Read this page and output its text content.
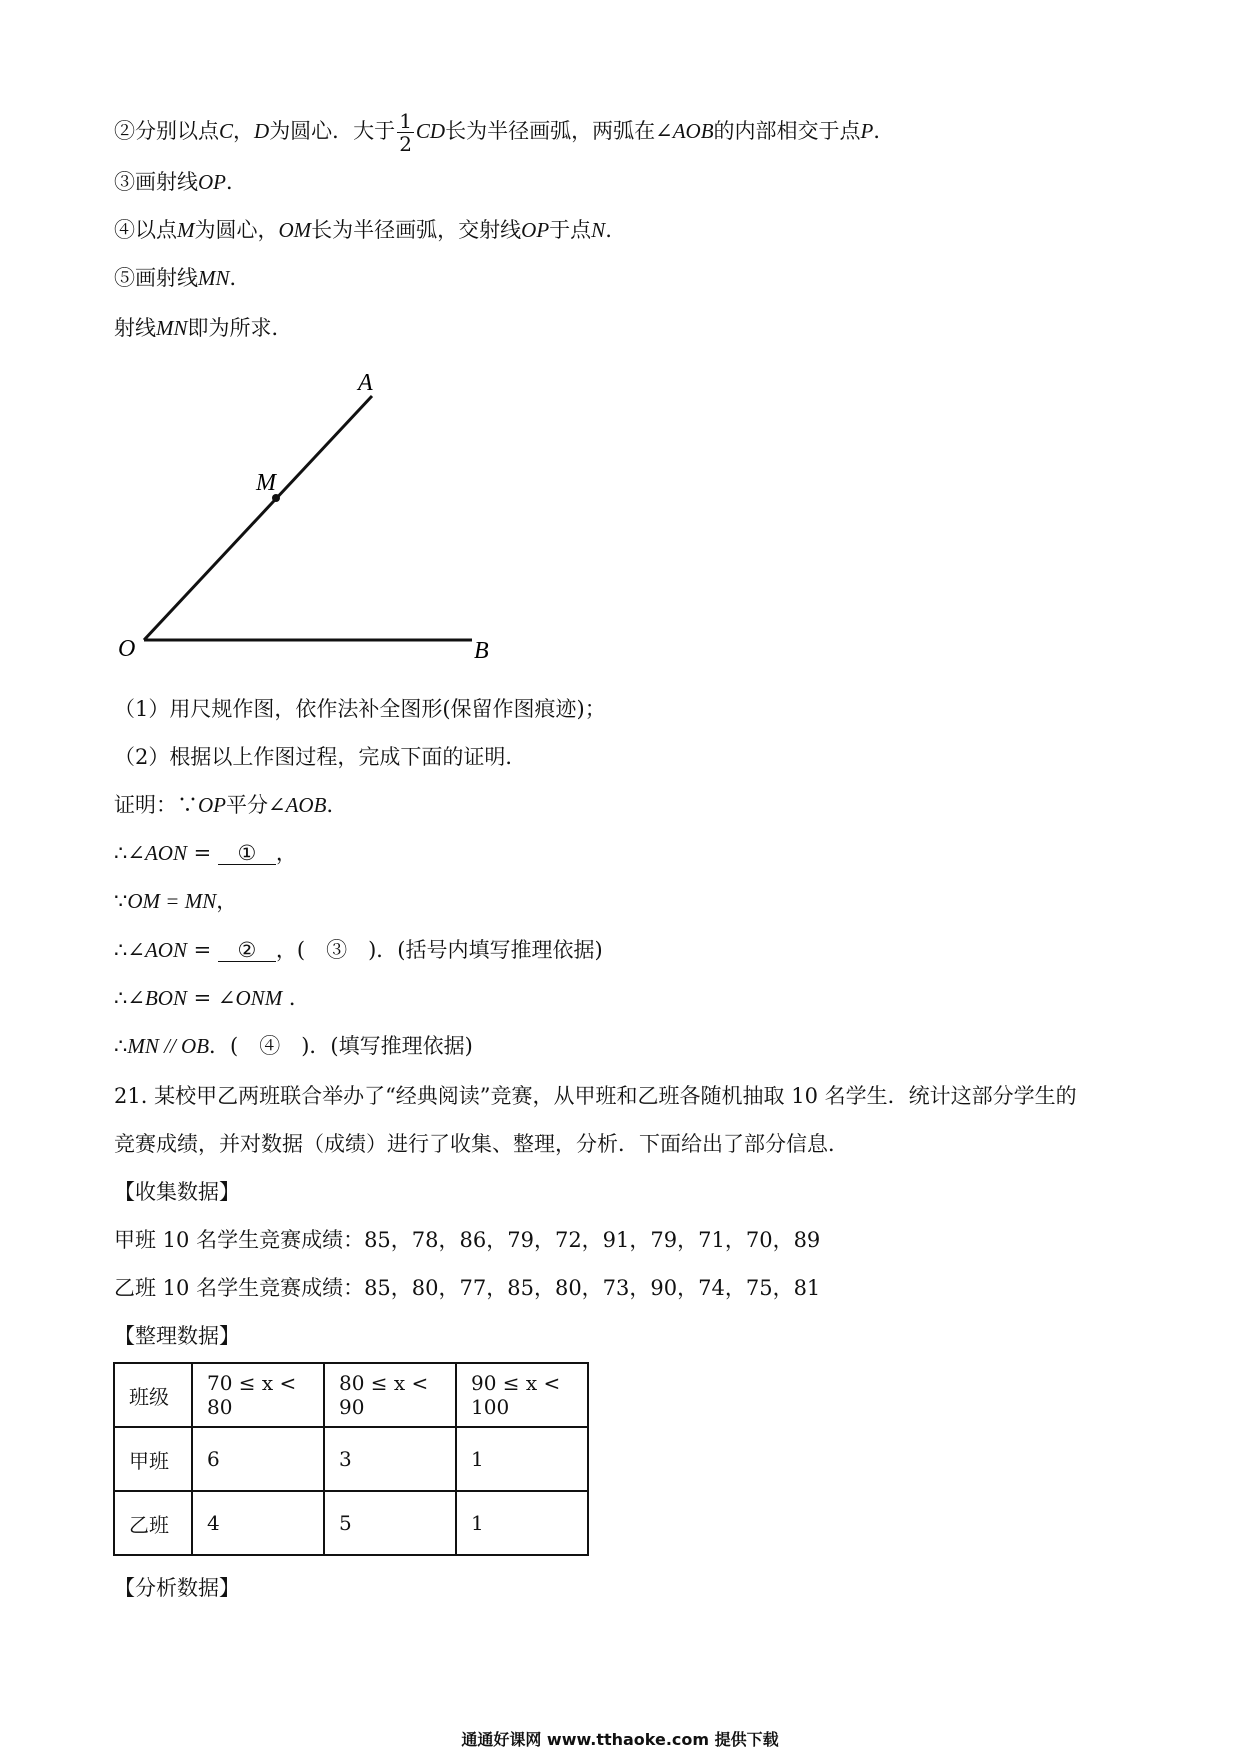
②分别以点C，D为圆心．大于 $\frac{1}{2}$ CD长为半径画弧，两弧在∠AOB的内部相交于点P．
③画射线OP．
④以点M为圆心，OM长为半径画弧，交射线OP于点N.
⑤画射线MN．
射线MN即为所求．
A
M
O	B
（1）用尺规作图，依作法补全图形(保留作图痕迹)；
（2）根据以上作图过程，完成下面的证明．
证明：∵OP平分∠AOB．
∴∠AON = ① ，
∵OM = MN，
∴∠AON = ② ，(　③　)．(括号内填写推理依据)
∴∠BON = ∠ONM ．
∴MN // OB．(　④　)．(填写推理依据)
21. 某校甲乙两班联合举办了“经典阅读”竞赛，从甲班和乙班各随机抽取 10 名学生．统计这部分学生的
竞赛成绩，并对数据（成绩）进行了收集、整理，分析．下面给出了部分信息．
【收集数据】
甲班 10 名学生竞赛成绩：85，78，86，79，72，91，79，71，70，89
乙班 10 名学生竞赛成绩：85，80，77，85，80，73，90，74，75，81
【整理数据】
班级	70 ≤ x < 80	80 ≤ x < 90	90 ≤ x < 100
甲班	6	3	1
乙班	4	5	1
【分析数据】
通通好课网 www.tthaoke.com 提供下载
